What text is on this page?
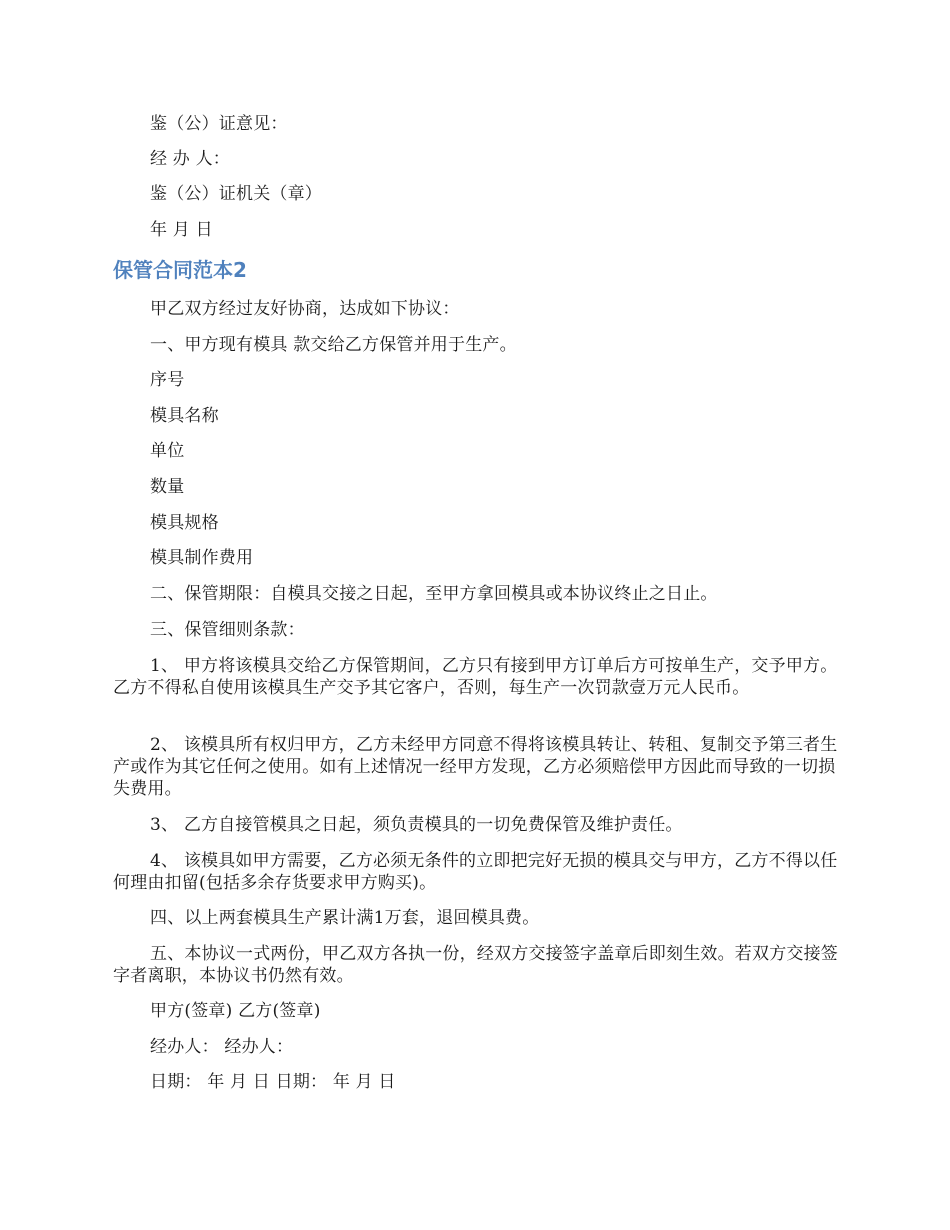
鉴（公）证意见：
经 办 人：
鉴（公）证机关（章）
年 月 日
保管合同范本2
甲乙双方经过友好协商，达成如下协议：
一、甲方现有模具 款交给乙方保管并用于生产。
序号
模具名称
单位
数量
模具规格
模具制作费用
二、保管期限：自模具交接之日起，至甲方拿回模具或本协议终止之日止。
三、保管细则条款：
1、 甲方将该模具交给乙方保管期间，乙方只有接到甲方订单后方可按单生产，交予甲方。乙方不得私自使用该模具生产交予其它客户，否则，每生产一次罚款壹万元人民币。
2、 该模具所有权归甲方，乙方未经甲方同意不得将该模具转让、转租、复制交予第三者生产或作为其它任何之使用。如有上述情况一经甲方发现，乙方必须赔偿甲方因此而导致的一切损失费用。
3、 乙方自接管模具之日起，须负责模具的一切免费保管及维护责任。
4、 该模具如甲方需要，乙方必须无条件的立即把完好无损的模具交与甲方，乙方不得以任何理由扣留(包括多余存货要求甲方购买)。
四、以上两套模具生产累计满1万套，退回模具费。
五、本协议一式两份，甲乙双方各执一份，经双方交接签字盖章后即刻生效。若双方交接签字者离职，本协议书仍然有效。
甲方(签章) 乙方(签章)
经办人： 经办人：
日期： 年 月 日 日期： 年 月 日
